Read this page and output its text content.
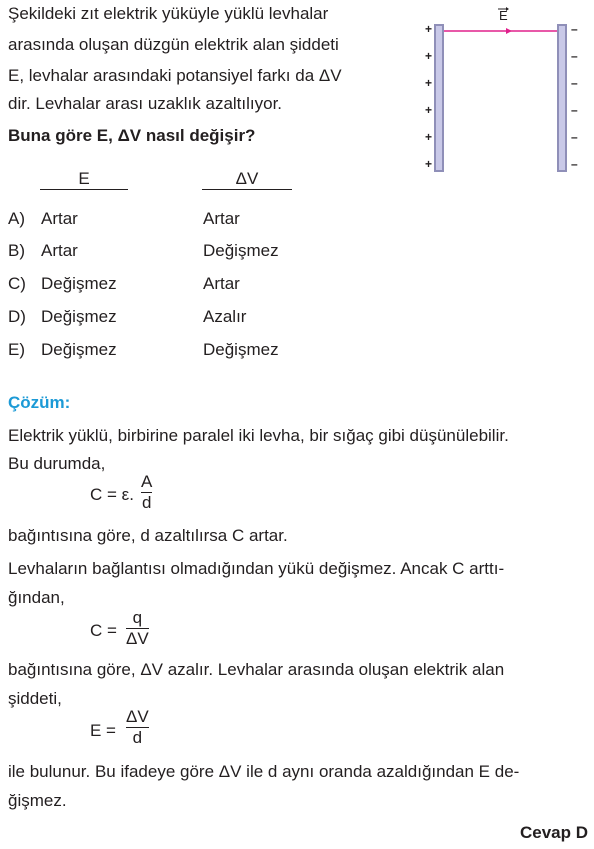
Şekildeki zıt elektrik yüküyle yüklü levhalar
arasında oluşan düzgün elektrik alan şiddeti
E, levhalar arasındaki potansiyel farkı da ΔV
dir. Levhalar arası uzaklık azaltılıyor.
Buna göre E, ΔV nasıl değişir?
E
+
+
+
+
+
+
–
–
–
–
–
–
E	ΔV
A) Artar	Artar
B) Artar	Değişmez
C) Değişmez	Artar
D) Değişmez	Azalır
E) Değişmez	Değişmez
Çözüm:
Elektrik yüklü, birbirine paralel iki levha, bir sığaç gibi düşünülebilir.
Bu durumda,
C = ε.
A
d
bağıntısına göre, d azaltılırsa C artar.
Levhaların bağlantısı olmadığından yükü değişmez. Ancak C arttı-
ğından,
C =
q
ΔV
bağıntısına göre, ΔV azalır. Levhalar arasında oluşan elektrik alan
şiddeti,
E =
ΔV
d
ile bulunur. Bu ifadeye göre ΔV ile d aynı oranda azaldığından E de-
ğişmez.
Cevap D
